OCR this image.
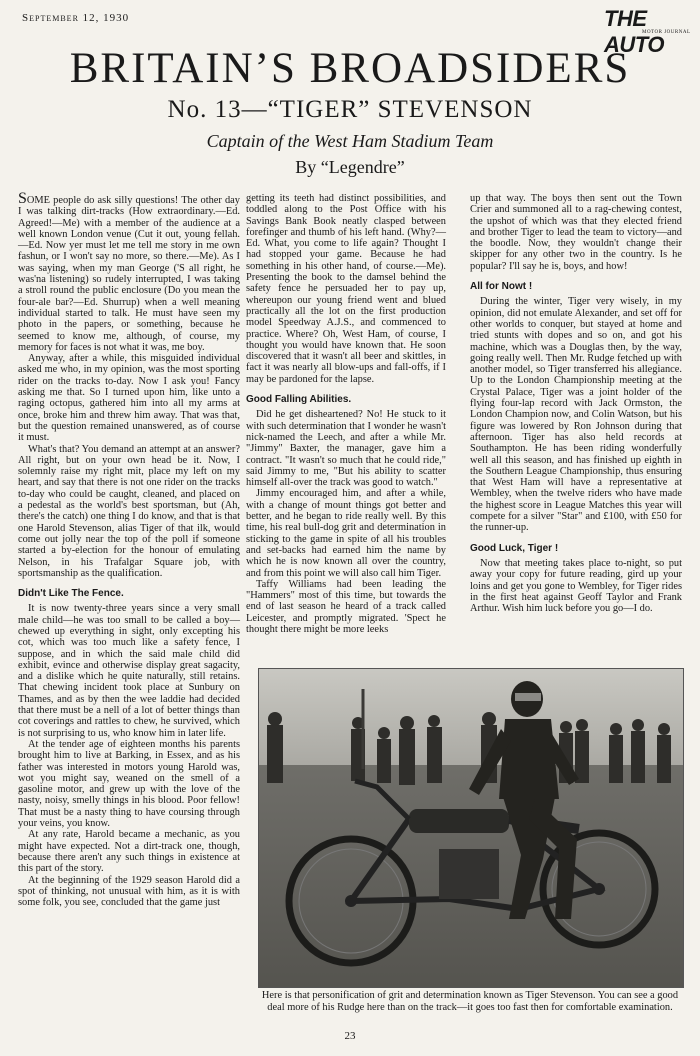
September 12, 1930	THE AUTO
MOTOR JOURNAL
BRITAIN’S BROADSIDERS
No. 13—“TIGER” STEVENSON
Captain of the West Ham Stadium Team
By “Legendre”

SOME people do ask silly questions! The other day I was talking dirt-tracks (How extraordinary.—Ed. Agreed!—Me) with a member of the audience at a well known London venue (Cut it out, young fellah.—Ed. Now yer must let me tell me story in me own fashun, or I won't say no more, so there.—Me). As I was saying, when my man George ('S all right, he was'na listening) so rudely interrupted, I was taking a stroll round the public enclosure (Do you mean the four-ale bar?—Ed. Shurrup) when a well meaning individual started to talk. He must have seen my photo in the papers, or something, because he seemed to know me, although, of course, my memory for faces is not what it was, me boy.

Anyway, after a while, this misguided individual asked me who, in my opinion, was the most sporting rider on the tracks to-day. Now I ask you! Fancy asking me that. So I turned upon him, like unto a raging octopus, gathered him into all my arms at once, broke him and threw him away. That was that, but the question remained unanswered, as of course it must.

What's that? You demand an attempt at an answer? All right, but on your own head be it. Now, I solemnly raise my right mit, place my left on my heart, and say that there is not one rider on the tracks to-day who could be caught, cleaned, and placed on a pedestal as the world's best sportsman, but (Ah, there's the catch) one thing I do know, and that is that one Harold Stevenson, alias Tiger of that ilk, would come out jolly near the top of the poll if someone started a by-election for the honour of emulating Nelson, in his Trafalgar Square job, with sportsmanship as the qualification.

Didn't Like The Fence.

It is now twenty-three years since a very small male child—he was too small to be called a boy—chewed up everything in sight, only excepting his cot, which was too much like a safety fence, I suppose, and in which the said male child did exhibit, evince and otherwise display great sagacity, and a dislike which he quite naturally, still retains. That chewing incident took place at Sunbury on Thames, and as by then the wee laddie had decided that there must be a nell of a lot of better things than cot coverings and rattles to chew, he survived, which is not surprising to us, who know him in later life.

At the tender age of eighteen months his parents brought him to live at Barking, in Essex, and as his father was interested in motors young Harold was, wot you might say, weaned on the smell of a gasoline motor, and grew up with the love of the nasty, noisy, smelly things in his blood. Poor fellow! That must be a nasty thing to have coursing through your veins, you know.

At any rate, Harold became a mechanic, as you might have expected. Not a dirt-track one, though, because there aren't any such things in existence at this part of the story.

At the beginning of the 1929 season Harold did a spot of thinking, not unusual with him, as it is with some folk, you see, concluded that the game just

getting its teeth had distinct possibilities, and toddled along to the Post Office with his Savings Bank Book neatly clasped between forefinger and thumb of his left hand. (Why?—Ed. What, you come to life again? Thought I had stopped your game. Because he had something in his other hand, of course.—Me). Presenting the book to the damsel behind the safety fence he persuaded her to pay up, whereupon our young friend went and blued practically all the lot on the first production model Speedway A.J.S., and commenced to practice. Where? Oh, West Ham, of course, I thought you would have known that. He soon discovered that it wasn't all beer and skittles, in fact it was nearly all blow-ups and fall-offs, if I may be pardoned for the lapse.

Good Falling Abilities.

Did he get disheartened? No! He stuck to it with such determination that I wonder he wasn't nick-named the Leech, and after a while Mr. "Jimmy" Baxter, the manager, gave him a contract. "It wasn't so much that he could ride," said Jimmy to me, "But his ability to scatter himself all-over the track was good to watch."

Jimmy encouraged him, and after a while, with a change of mount things got better and better, and he began to ride really well. By this time, his real bull-dog grit and determination in sticking to the game in spite of all his troubles and set-backs had earned him the name by which he is now known all over the country, and from this point we will also call him Tiger.

Taffy Williams had been leading the "Hammers" most of this time, but towards the end of last season he heard of a track called Leicester, and promptly migrated. 'Spect he thought there might be more leeks

up that way. The boys then sent out the Town Crier and summoned all to a rag-chewing contest, the upshot of which was that they elected friend and brother Tiger to lead the team to victory—and the boodle. Now, they wouldn't change their skipper for any other two in the country. Is he popular? I'll say he is, boys, and how!

All for Nowt !

During the winter, Tiger very wisely, in my opinion, did not emulate Alexander, and set off for other worlds to conquer, but stayed at home and tried stunts with dopes and so on, and got his machine, which was a Douglas then, by the way, going really well. Then Mr. Rudge fetched up with another model, so Tiger transferred his allegiance. Up to the London Championship meeting at the Crystal Palace, Tiger was a joint holder of the flying four-lap record with Jack Ormston, the London Champion now, and Colin Watson, but his figure was lowered by Ron Johnson during that afternoon. Tiger has also held records at Southampton. He has been riding wonderfully well all this season, and has finished up eighth in the Southern League Championship, thus ensuring that West Ham will have a representative at Wembley, when the twelve riders who have made the highest score in League Matches this year will compete for a silver "Star" and £100, with £50 for the runner-up.

Good Luck, Tiger !

Now that meeting takes place to-night, so put away your copy for future reading, gird up your loins and get you gone to Wembley, for Tiger rides in the first heat against Geoff Taylor and Frank Arthur. Wish him luck before you go—I do.

Here is that personification of grit and determination known as Tiger Stevenson. You can see a good deal more of his Rudge here than on the track—it goes too fast then for comfortable examination.
23
